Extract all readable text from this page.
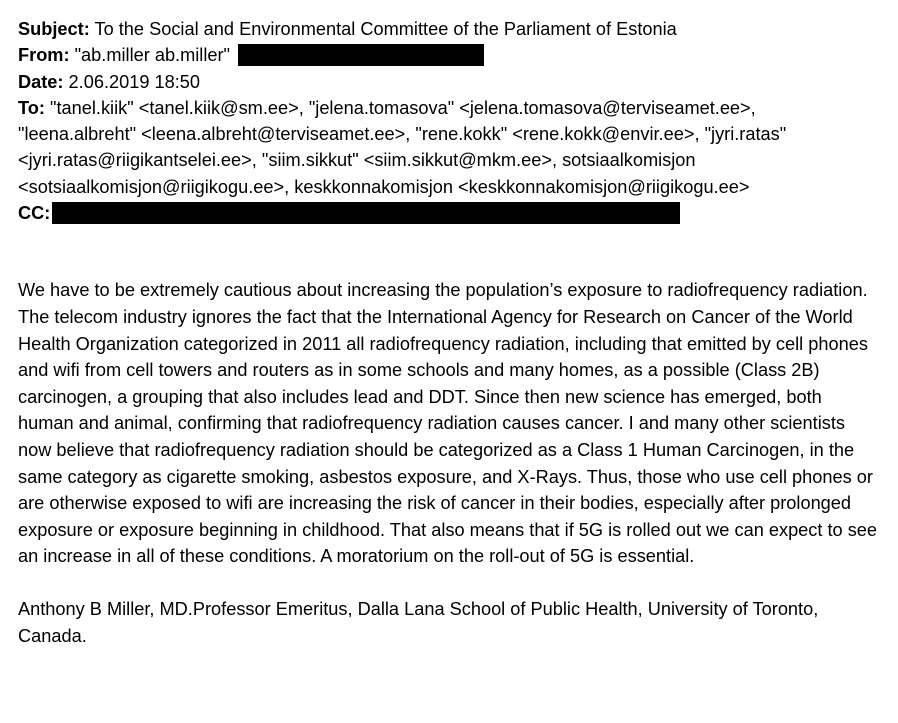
Subject: To the Social and Environmental Committee of the Parliament of Estonia
From: "ab.miller ab.miller"
Date: 2.06.2019 18:50
To: "tanel.kiik" <tanel.kiik@sm.ee>, "jelena.tomasova" <jelena.tomasova@terviseamet.ee>, "leena.albreht" <leena.albreht@terviseamet.ee>, "rene.kokk" <rene.kokk@envir.ee>, "jyri.ratas" <jyri.ratas@riigikantselei.ee>, "siim.sikkut" <siim.sikkut@mkm.ee>, sotsiaalkomisjon <sotsiaalkomisjon@riigikogu.ee>, keskkonnakomisjon <keskkonnakomisjon@riigikogu.ee>
CC:
We have to be extremely cautious about increasing the population’s exposure to radiofrequency radiation. The telecom industry ignores the fact that the International Agency for Research on Cancer of the World Health Organization categorized in 2011 all radiofrequency radiation, including that emitted by cell phones and wifi from cell towers and routers as in some schools and many homes, as a possible (Class 2B) carcinogen, a grouping that also includes lead and DDT. Since then new science has emerged, both human and animal, confirming that radiofrequency radiation causes cancer. I and many other scientists now believe that radiofrequency radiation should be categorized as a Class 1 Human Carcinogen, in the same category as cigarette smoking, asbestos exposure, and X-Rays. Thus, those who use cell phones or are otherwise exposed to wifi are increasing the risk of cancer in their bodies, especially after prolonged exposure or exposure beginning in childhood. That also means that if 5G is rolled out we can expect to see an increase in all of these conditions. A moratorium on the roll-out of 5G is essential.
Anthony B Miller, MD.Professor Emeritus, Dalla Lana School of Public Health, University of Toronto, Canada.
